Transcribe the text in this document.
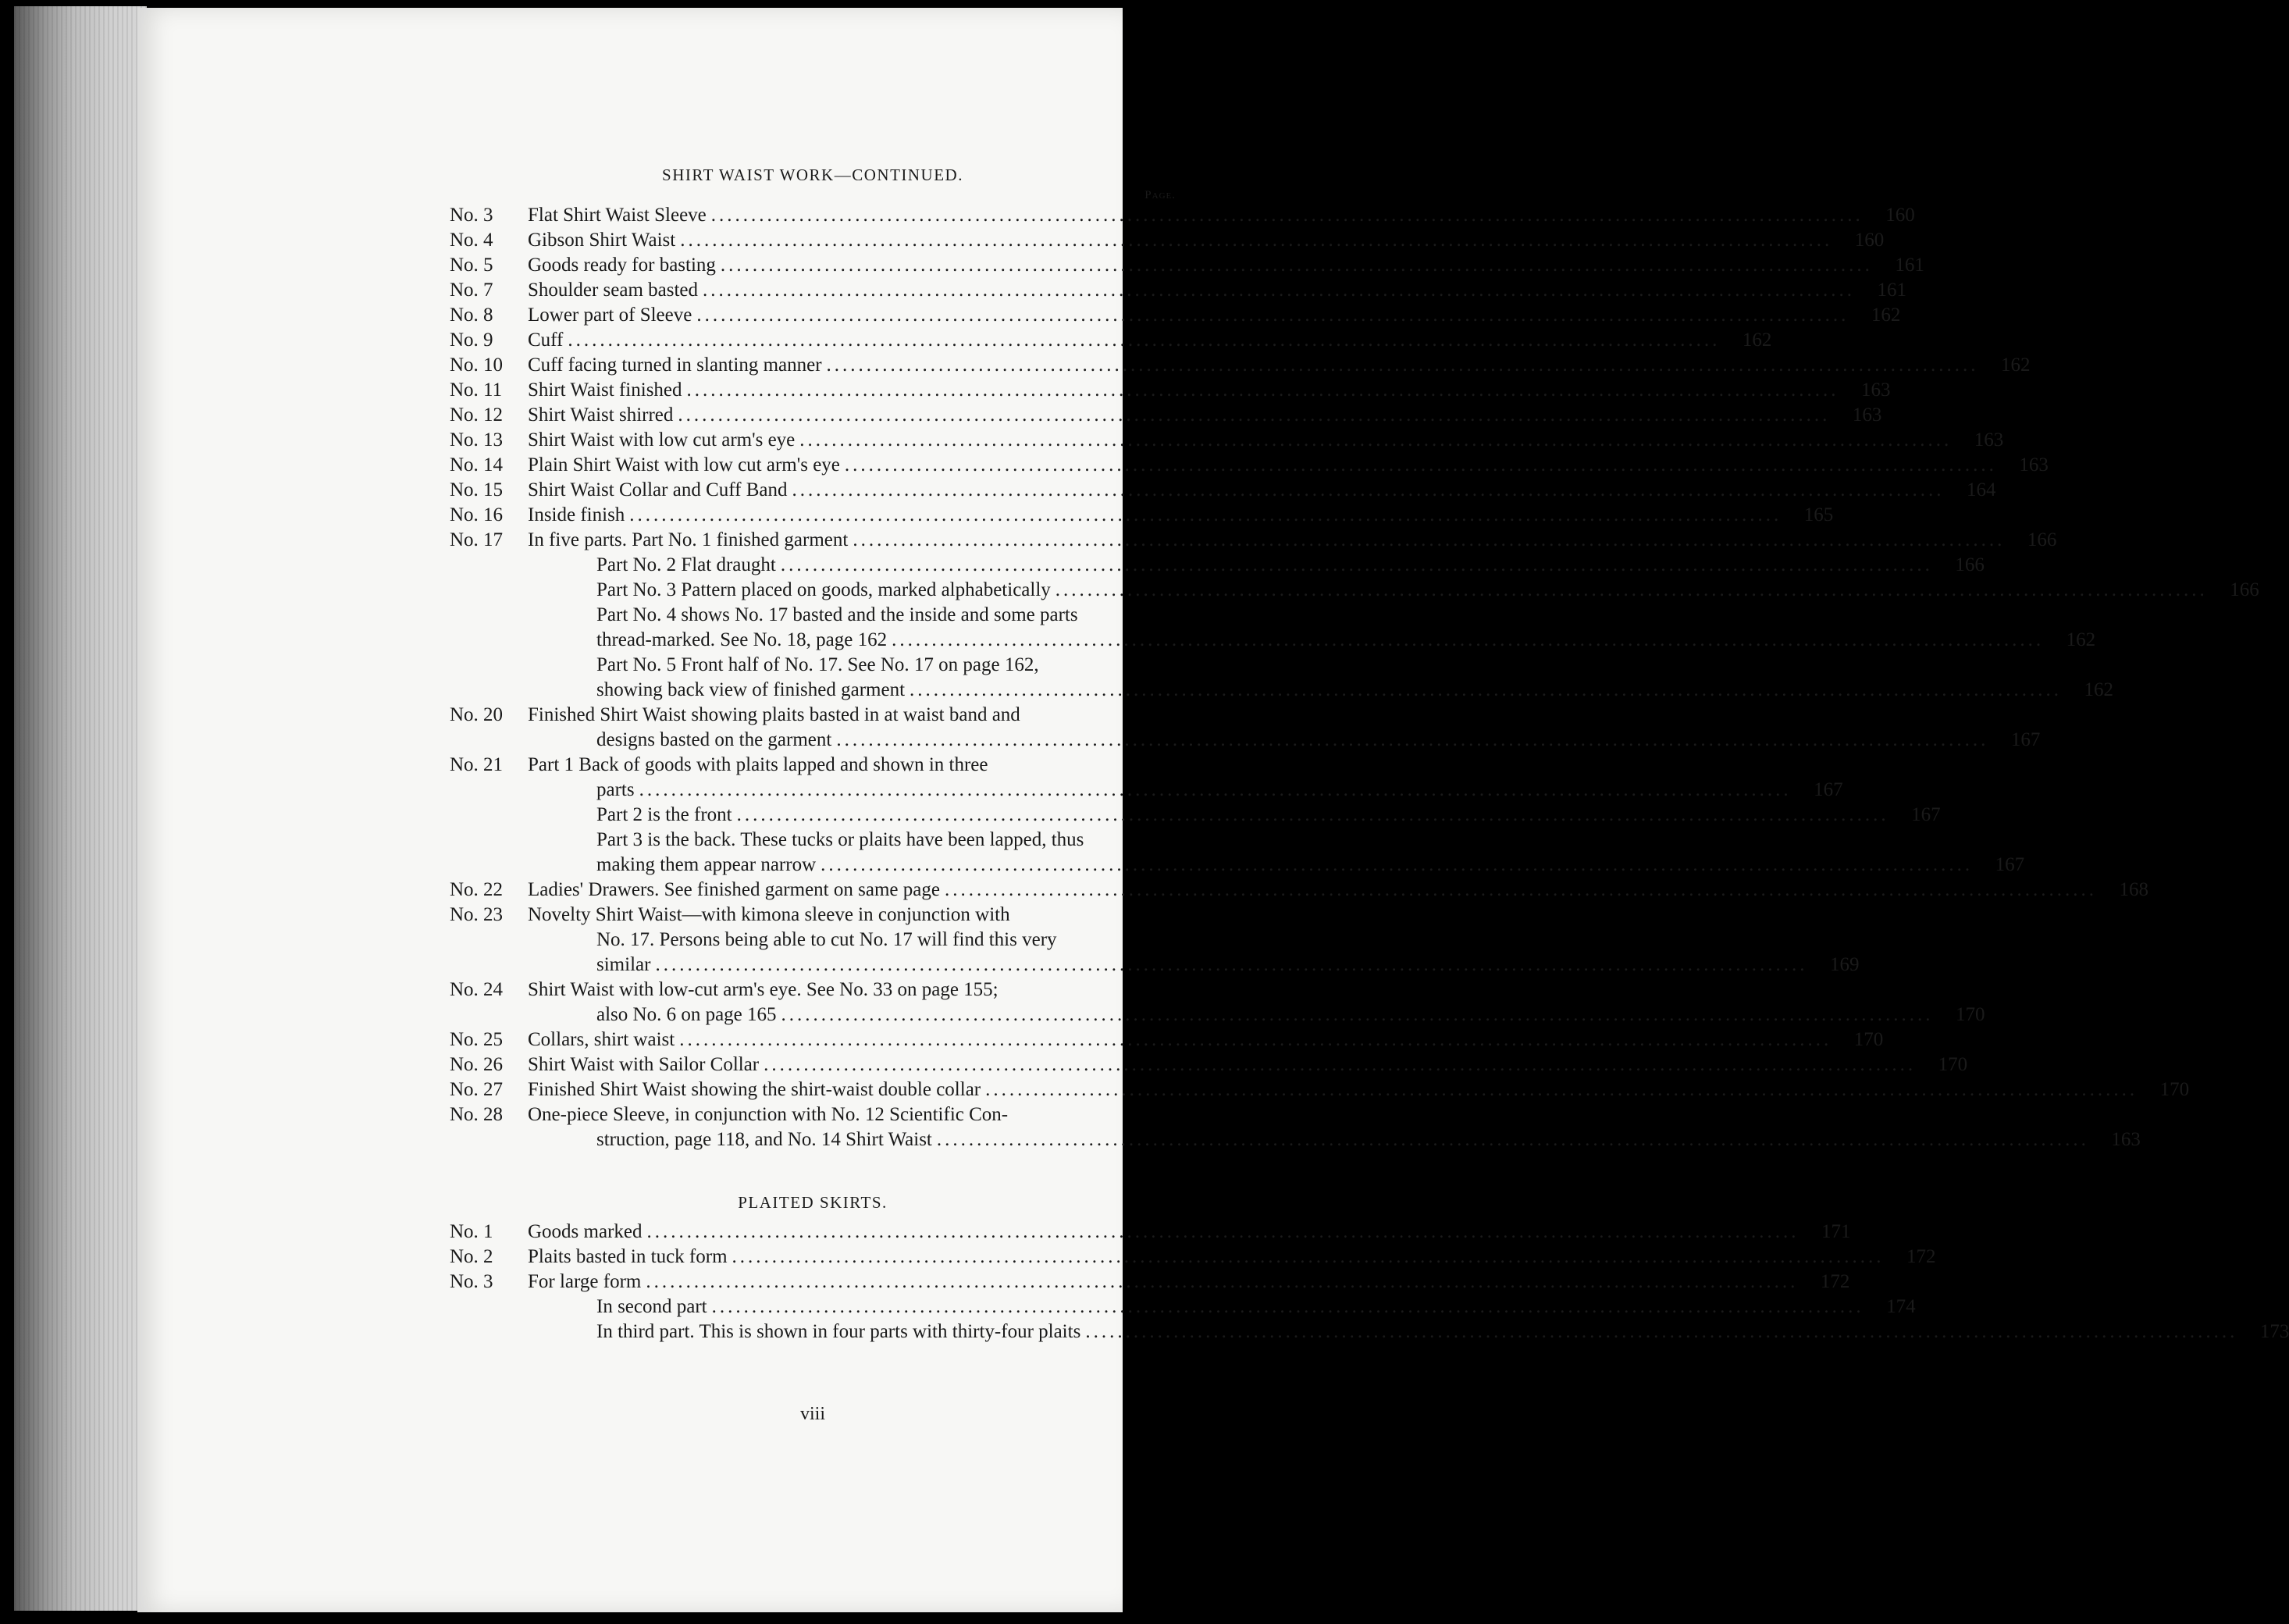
SHIRT WAIST WORK—CONTINUED.
Page.
No. 3	Flat Shirt Waist Sleeve .....	160
No. 4	Gibson Shirt Waist .....	160
No. 5	Goods ready for basting .....	161
No. 7	Shoulder seam basted .....	161
No. 8	Lower part of Sleeve .....	162
No. 9	Cuff .....	162
No. 10	Cuff facing turned in slanting manner .....	162
No. 11	Shirt Waist finished .....	163
No. 12	Shirt Waist shirred .....	163
No. 13	Shirt Waist with low cut arm's eye .....	163
No. 14	Plain Shirt Waist with low cut arm's eye .....	163
No. 15	Shirt Waist Collar and Cuff Band .....	164
No. 16	Inside finish .....	165
No. 17	In five parts. Part No. 1 finished garment .....	166
Part No. 2 Flat draught .....	166
Part No. 3 Pattern placed on goods, marked alphabetically .....	166
Part No. 4 shows No. 17 basted and the inside and some parts
thread-marked. See No. 18, page 162 .....	162
Part No. 5 Front half of No. 17. See No. 17 on page 162,
showing back view of finished garment .....	162
No. 20	Finished Shirt Waist showing plaits basted in at waist band and
designs basted on the garment .....	167
No. 21	Part 1 Back of goods with plaits lapped and shown in three
parts .....	167
Part 2 is the front .....	167
Part 3 is the back. These tucks or plaits have been lapped, thus
making them appear narrow .....	167
No. 22	Ladies' Drawers. See finished garment on same page .....	168
No. 23	Novelty Shirt Waist—with kimona sleeve in conjunction with
No. 17. Persons being able to cut No. 17 will find this very
similar .....	169
No. 24	Shirt Waist with low-cut arm's eye. See No. 33 on page 155;
also No. 6 on page 165 .....	170
No. 25	Collars, shirt waist .....	170
No. 26	Shirt Waist with Sailor Collar .....	170
No. 27	Finished Shirt Waist showing the shirt-waist double collar .....	170
No. 28	One-piece Sleeve, in conjunction with No. 12 Scientific Con-
struction, page 118, and No. 14 Shirt Waist .....	163
PLAITED SKIRTS.
No. 1	Goods marked .....	171
No. 2	Plaits basted in tuck form .....	172
No. 3	For large form .....	172
In second part .....	174
In third part. This is shown in four parts with thirty-four plaits .....	173
viii
